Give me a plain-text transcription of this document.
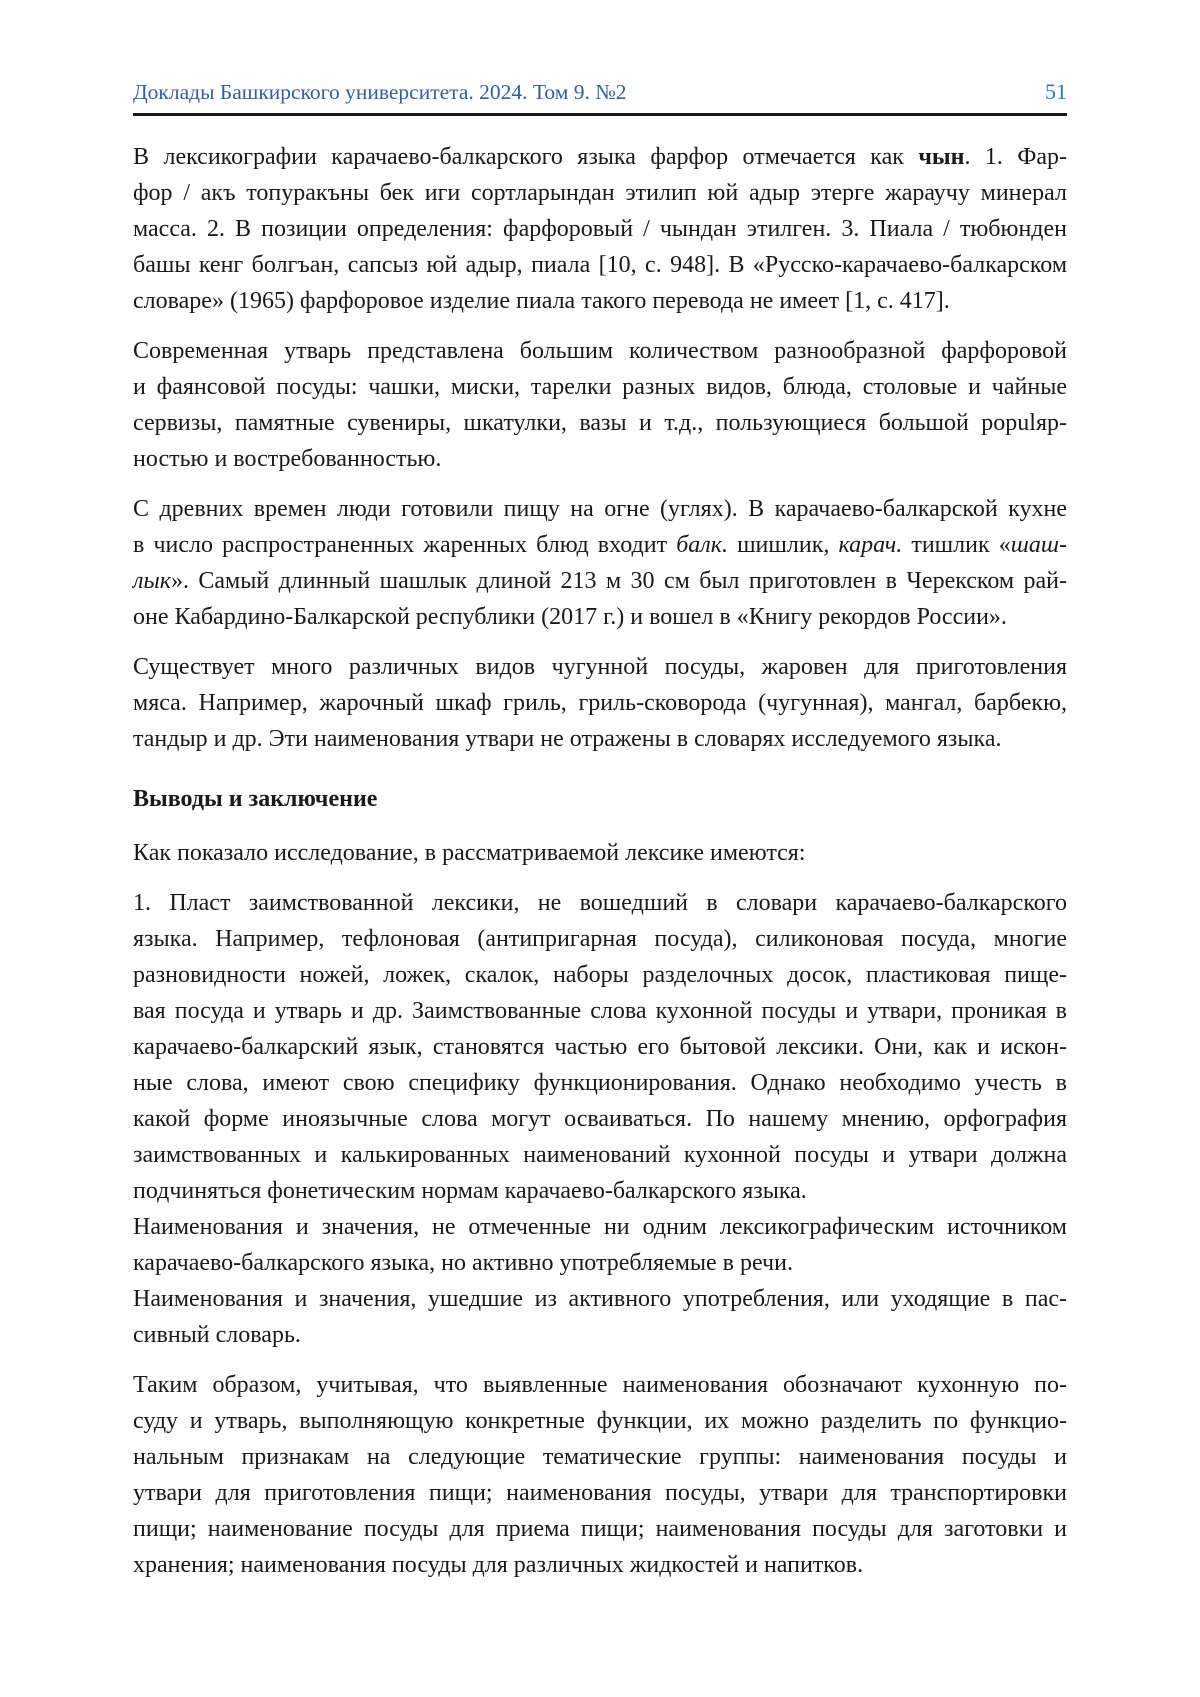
Доклады Башкирского университета. 2024. Том 9. №2	51

В лексикографии карачаево-балкарского языка фарфор отмечается как чын. 1. Фар-
фор / акъ топуракъны бек иги сортларындан этилип юй адыр этерге жараучу минерал
масса. 2. В позиции определения: фарфоровый / чындан этилген. 3. Пиала / тюбюнден
башы кенг болгъан, сапсыз юй адыр, пиала [10, с. 948]. В «Русско-карачаево-балкарском
словаре» (1965) фарфоровое изделие пиала такого перевода не имеет [1, с. 417].

Современная утварь представлена большим количеством разнообразной фарфоровой
и фаянсовой посуды: чашки, миски, тарелки разных видов, блюда, столовые и чайные
сервизы, памятные сувениры, шкатулки, вазы и т.д., пользующиеся большой populяр-
ностью и востребованностью.

С древних времен люди готовили пищу на огне (углях). В карачаево-балкарской кухне
в число распространенных жаренных блюд входит балк. шишлик, карач. тишлик «шаш-
лык». Самый длинный шашлык длиной 213 м 30 см был приготовлен в Черекском рай-
оне Кабардино-Балкарской республики (2017 г.) и вошел в «Книгу рекордов России».

Существует много различных видов чугунной посуды, жаровен для приготовления
мяса. Например, жарочный шкаф гриль, гриль-сковорода (чугунная), мангал, барбекю,
тандыр и др. Эти наименования утвари не отражены в словарях исследуемого языка.

Выводы и заключение

Как показало исследование, в рассматриваемой лексике имеются:

1. Пласт заимствованной лексики, не вошедший в словари карачаево-балкарского
языка. Например, тефлоновая (антипригарная посуда), силиконовая посуда, многие
разновидности ножей, ложек, скалок, наборы разделочных досок, пластиковая пище-
вая посуда и утварь и др. Заимствованные слова кухонной посуды и утвари, проникая в
карачаево-балкарский язык, становятся частью его бытовой лексики. Они, как и искон-
ные слова, имеют свою специфику функционирования. Однако необходимо учесть в
какой форме иноязычные слова могут осваиваться. По нашему мнению, орфография
заимствованных и калькированных наименований кухонной посуды и утвари должна
подчиняться фонетическим нормам карачаево-балкарского языка.
Наименования и значения, не отмеченные ни одним лексикографическим источником
карачаево-балкарского языка, но активно употребляемые в речи.
Наименования и значения, ушедшие из активного употребления, или уходящие в пас-
сивный словарь.

Таким образом, учитывая, что выявленные наименования обозначают кухонную по-
суду и утварь, выполняющую конкретные функции, их можно разделить по функцио-
нальным признакам на следующие тематические группы: наименования посуды и
утвари для приготовления пищи; наименования посуды, утвари для транспортировки
пищи; наименование посуды для приема пищи; наименования посуды для заготовки и
хранения; наименования посуды для различных жидкостей и напитков.
